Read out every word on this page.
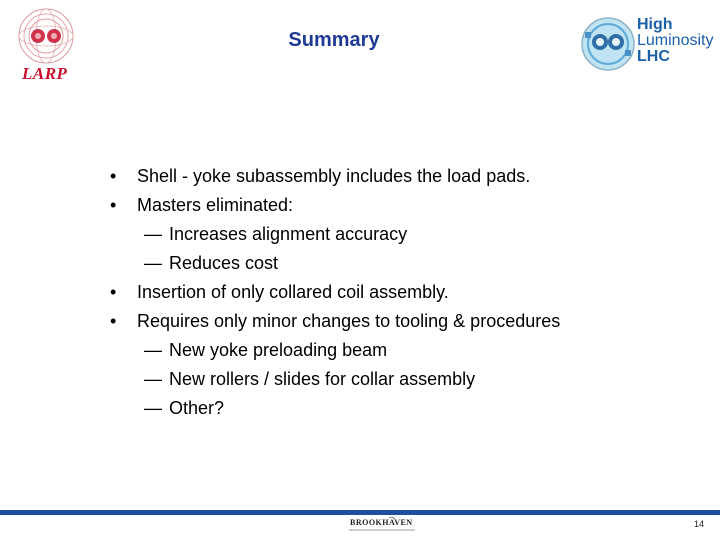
LARP
Summary
High
Luminosity
LHC
•	Shell - yoke subassembly includes the load pads.
•	Masters eliminated:
— Increases alignment accuracy
— Reduces cost
•	Insertion of only collared coil assembly.
•	Requires only minor changes to tooling & procedures
— New yoke preloading beam
— New rollers / slides for collar assembly
— Other?
BROOKHAVEN	14
